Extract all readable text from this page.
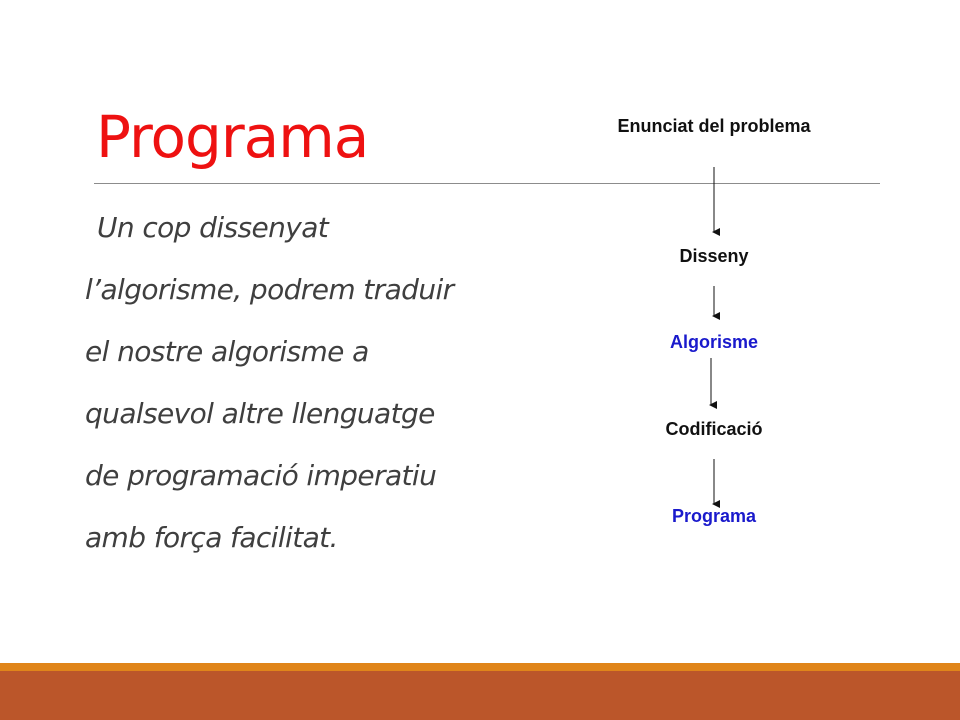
Programa
Un cop dissenyat
l’algorisme, podrem traduir
el nostre algorisme a
qualsevol altre llenguatge
de programació imperatiu
amb força facilitat.
Enunciat del problema
Disseny
Algorisme
Codificació
Programa
